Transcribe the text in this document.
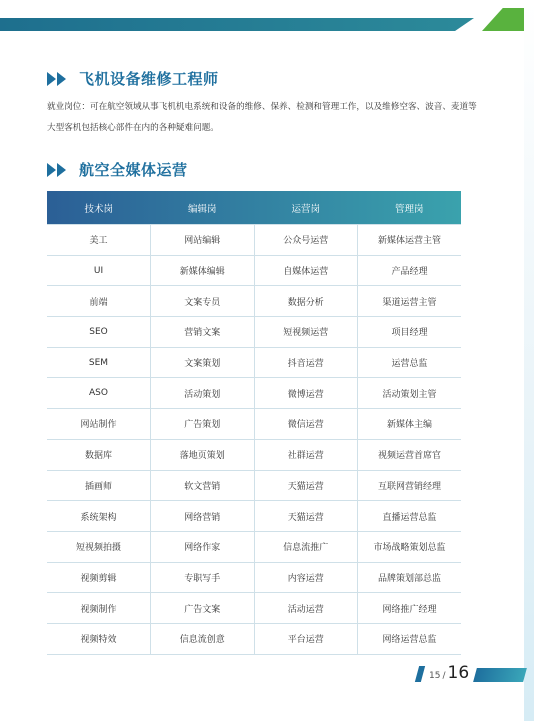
飞机设备维修工程师
就业岗位：可在航空领域从事飞机机电系统和设备的维修、保养、检测和管理工作，以及维修空客、波音、麦道等大型客机包括核心部件在内的各种疑难问题。
航空全媒体运营
技术岗	编辑岗	运营岗	管理岗
美工	网站编辑	公众号运营	新媒体运营主管
UI	新媒体编辑	自媒体运营	产品经理
前端	文案专员	数据分析	渠道运营主管
SEO	营销文案	短视频运营	项目经理
SEM	文案策划	抖音运营	运营总监
ASO	活动策划	微博运营	活动策划主管
网站制作	广告策划	微信运营	新媒体主编
数据库	落地页策划	社群运营	视频运营首席官
插画师	软文营销	天猫运营	互联网营销经理
系统架构	网络营销	天猫运营	直播运营总监
短视频拍摄	网络作家	信息流推广	市场战略策划总监
视频剪辑	专职写手	内容运营	品牌策划部总监
视频制作	广告文案	活动运营	网络推广经理
视频特效	信息流创意	平台运营	网络运营总监
15 / 16
